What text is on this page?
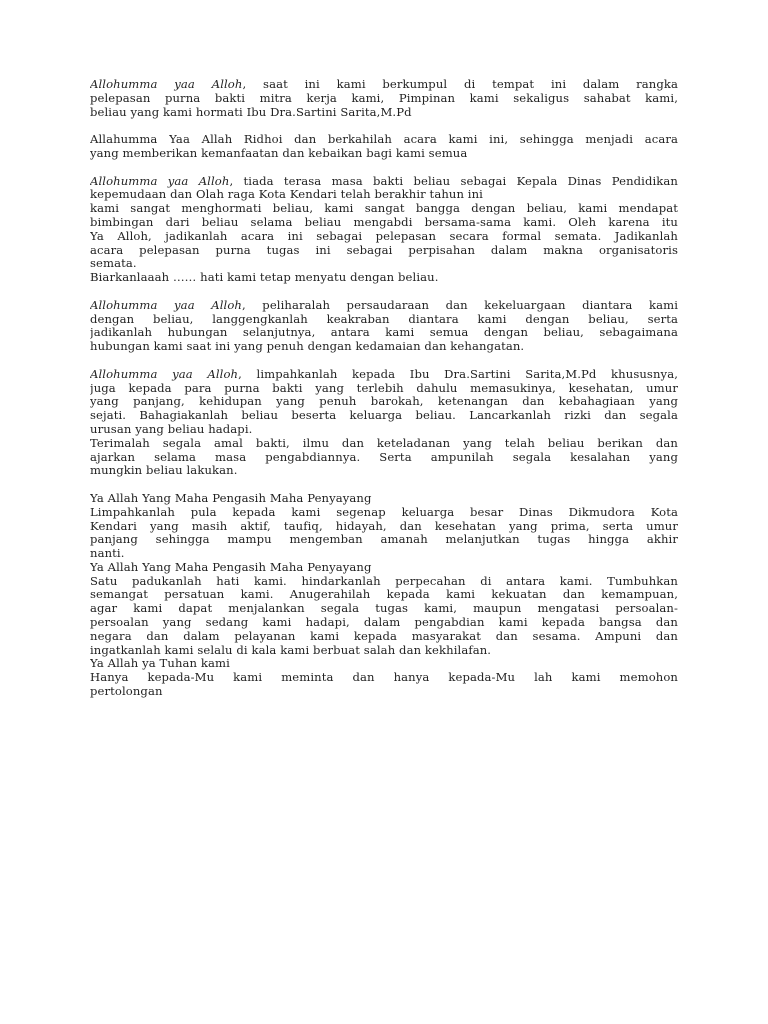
Allohumma yaa Alloh, saat ini kami berkumpul di tempat ini dalam rangka
pelepasan purna bakti mitra kerja kami, Pimpinan kami sekaligus sahabat kami,
beliau yang kami hormati Ibu Dra.Sartini Sarita,M.Pd
Allahumma Yaa Allah Ridhoi dan berkahilah acara kami ini, sehingga menjadi acara
yang memberikan kemanfaatan dan kebaikan bagi kami semua
Allohumma yaa Alloh, tiada terasa masa bakti beliau sebagai Kepala Dinas Pendidikan
kepemudaan dan Olah raga Kota Kendari telah berakhir tahun ini
kami sangat menghormati beliau, kami sangat bangga dengan beliau, kami mendapat
bimbingan dari beliau selama beliau mengabdi bersama-sama kami. Oleh karena itu
Ya Alloh, jadikanlah acara ini sebagai pelepasan secara formal semata. Jadikanlah
acara pelepasan purna tugas ini sebagai perpisahan dalam makna organisatoris
semata.
Biarkanlaaah …… hati kami tetap menyatu dengan beliau.
Allohumma yaa Alloh, peliharalah persaudaraan dan kekeluargaan diantara kami
dengan beliau, langgengkanlah keakraban diantara kami dengan beliau, serta
jadikanlah hubungan selanjutnya, antara kami semua dengan beliau, sebagaimana
hubungan kami saat ini yang penuh dengan kedamaian dan kehangatan.
Allohumma yaa Alloh, limpahkanlah kepada Ibu Dra.Sartini Sarita,M.Pd khususnya,
juga kepada para purna bakti yang terlebih dahulu memasukinya, kesehatan, umur
yang panjang, kehidupan yang penuh barokah, ketenangan dan kebahagiaan yang
sejati. Bahagiakanlah beliau beserta keluarga beliau. Lancarkanlah rizki dan segala
urusan yang beliau hadapi.
Terimalah segala amal bakti, ilmu dan keteladanan yang telah beliau berikan dan
ajarkan selama masa pengabdiannya. Serta ampunilah segala kesalahan yang
mungkin beliau lakukan.
Ya Allah Yang Maha Pengasih Maha Penyayang
Limpahkanlah pula kepada kami segenap keluarga besar Dinas Dikmudora Kota
Kendari yang masih aktif, taufiq, hidayah, dan kesehatan yang prima, serta umur
panjang sehingga mampu mengemban amanah melanjutkan tugas hingga akhir
nanti.
Ya Allah Yang Maha Pengasih Maha Penyayang
Satu padukanlah hati kami. hindarkanlah perpecahan di antara kami. Tumbuhkan
semangat persatuan kami. Anugerahilah kepada kami kekuatan dan kemampuan,
agar kami dapat menjalankan segala tugas kami, maupun mengatasi persoalan-
persoalan yang sedang kami hadapi, dalam pengabdian kami kepada bangsa dan
negara dan dalam pelayanan kami kepada masyarakat dan sesama. Ampuni dan
ingatkanlah kami selalu di kala kami berbuat salah dan kekhilafan.
Ya Allah ya Tuhan kami
Hanya kepada-Mu kami meminta dan hanya kepada-Mu lah kami memohon
pertolongan
